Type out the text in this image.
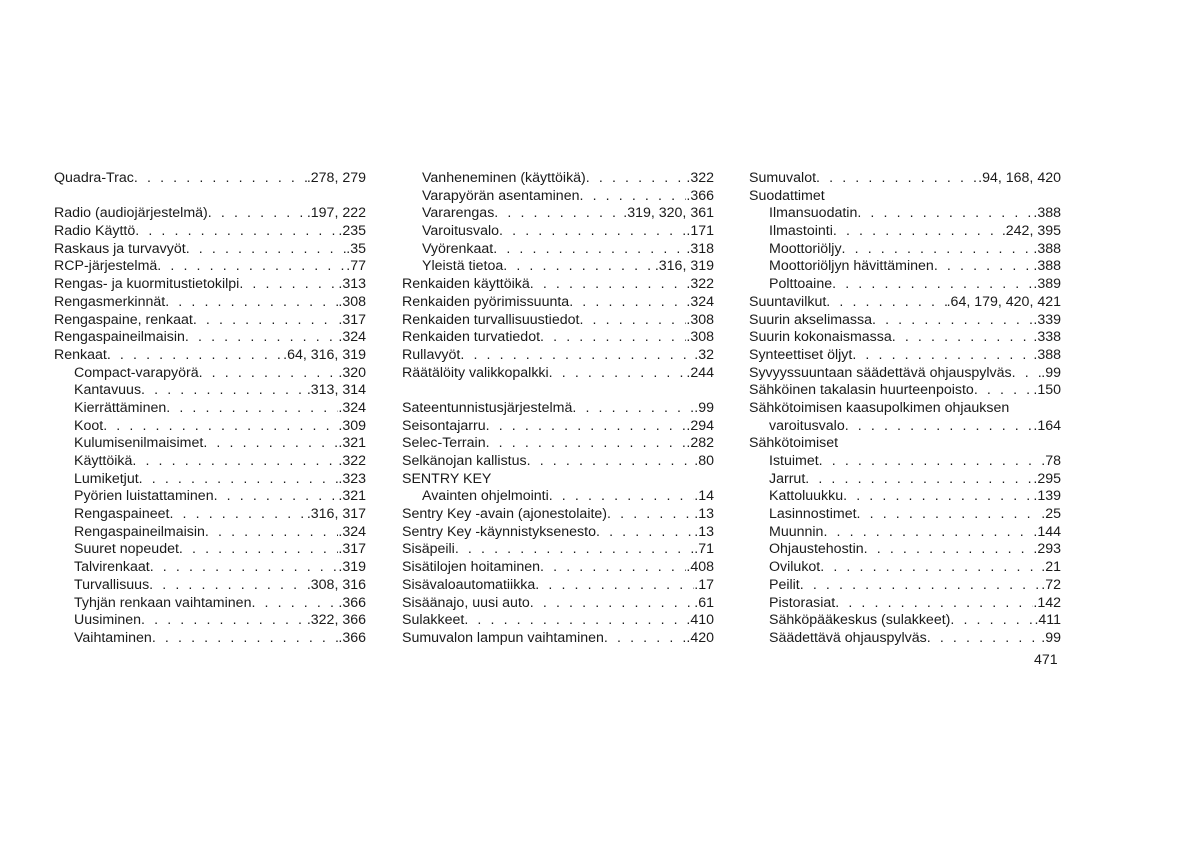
Quadra-Trac . . .	.278, 279
Radio (audiojärjestelmä) . . .	.197, 222
Radio Käyttö . . .	.235
Raskaus ja turvavyöt . . .	.35
RCP-järjestelmä . . .	.77
Rengas- ja kuormitustietokilpi . . .	.313
Rengasmerkinnät . . .	.308
Rengaspaine, renkaat . . .	.317
Rengaspaineilmaisin . . .	.324
Renkaat . . .	.64, 316, 319
Compact-varapyörä . . .	.320
Kantavuus . . .	.313, 314
Kierrättäminen . . .	.324
Koot . . .	.309
Kulumisenilmaisimet . . .	.321
Käyttöikä . . .	.322
Lumiketjut . . .	.323
Pyörien luistattaminen . . .	.321
Rengaspaineet . . .	.316, 317
Rengaspaineilmaisin . . .	.324
Suuret nopeudet . . .	.317
Talvirenkaat . . .	.319
Turvallisuus . . .	.308, 316
Tyhjän renkaan vaihtaminen . . .	.366
Uusiminen . . .	.322, 366
Vaihtaminen . . .	.366
Vanheneminen (käyttöikä) . . .	.322
Varapyörän asentaminen . . .	.366
Vararengas . . .	.319, 320, 361
Varoitusvalo . . .	.171
Vyörenkaat . . .	.318
Yleistä tietoa . . .	.316, 319
Renkaiden käyttöikä . . .	.322
Renkaiden pyörimissuunta . . .	.324
Renkaiden turvallisuustiedot . . .	.308
Renkaiden turvatiedot . . .	.308
Rullavyöt . . .	.32
Räätälöity valikkopalkki . . .	.244
Sateentunnistusjärjestelmä . . .	.99
Seisontajarru . . .	.294
Selec-Terrain . . .	.282
Selkänojan kallistus . . .	.80
SENTRY KEY
Avainten ohjelmointi . . .	.14
Sentry Key -avain (ajonestolaite) . . .	.13
Sentry Key -käynnistyksenesto . . .	.13
Sisäpeili . . .	.71
Sisätilojen hoitaminen . . .	.408
Sisävaloautomatiikka . . .	.17
Sisäänajo, uusi auto . . .	.61
Sulakkeet . . .	.410
Sumuvalon lampun vaihtaminen . . .	.420
Sumuvalot . . .	.94, 168, 420
Suodattimet
Ilmansuodatin . . .	.388
Ilmastointi . . .	.242, 395
Moottoriöljy . . .	.388
Moottoriöljyn hävittäminen . . .	.388
Polttoaine . . .	.389
Suuntavilkut . . .	.64, 179, 420, 421
Suurin akselimassa . . .	.339
Suurin kokonaismassa . . .	.338
Synteettiset öljyt . . .	.388
Syvyyssuuntaan säädettävä ohjauspylväs . . . .99
Sähköinen takalasin huurteenpoisto . . .	.150
Sähkötoimisen kaasupolkimen ohjauksen
varoitusvalo . . .	.164
Sähkötoimiset
Istuimet . . .	.78
Jarrut . . .	.295
Kattoluukku . . .	.139
Lasinnostimet . . .	.25
Muunnin . . .	.144
Ohjaustehostin . . .	.293
Ovilukot . . .	.21
Peilit . . .	.72
Pistorasiat . . .	.142
Sähköpääkeskus (sulakkeet) . . .	.411
Säädettävä ohjauspylväs . . .	.99
471
